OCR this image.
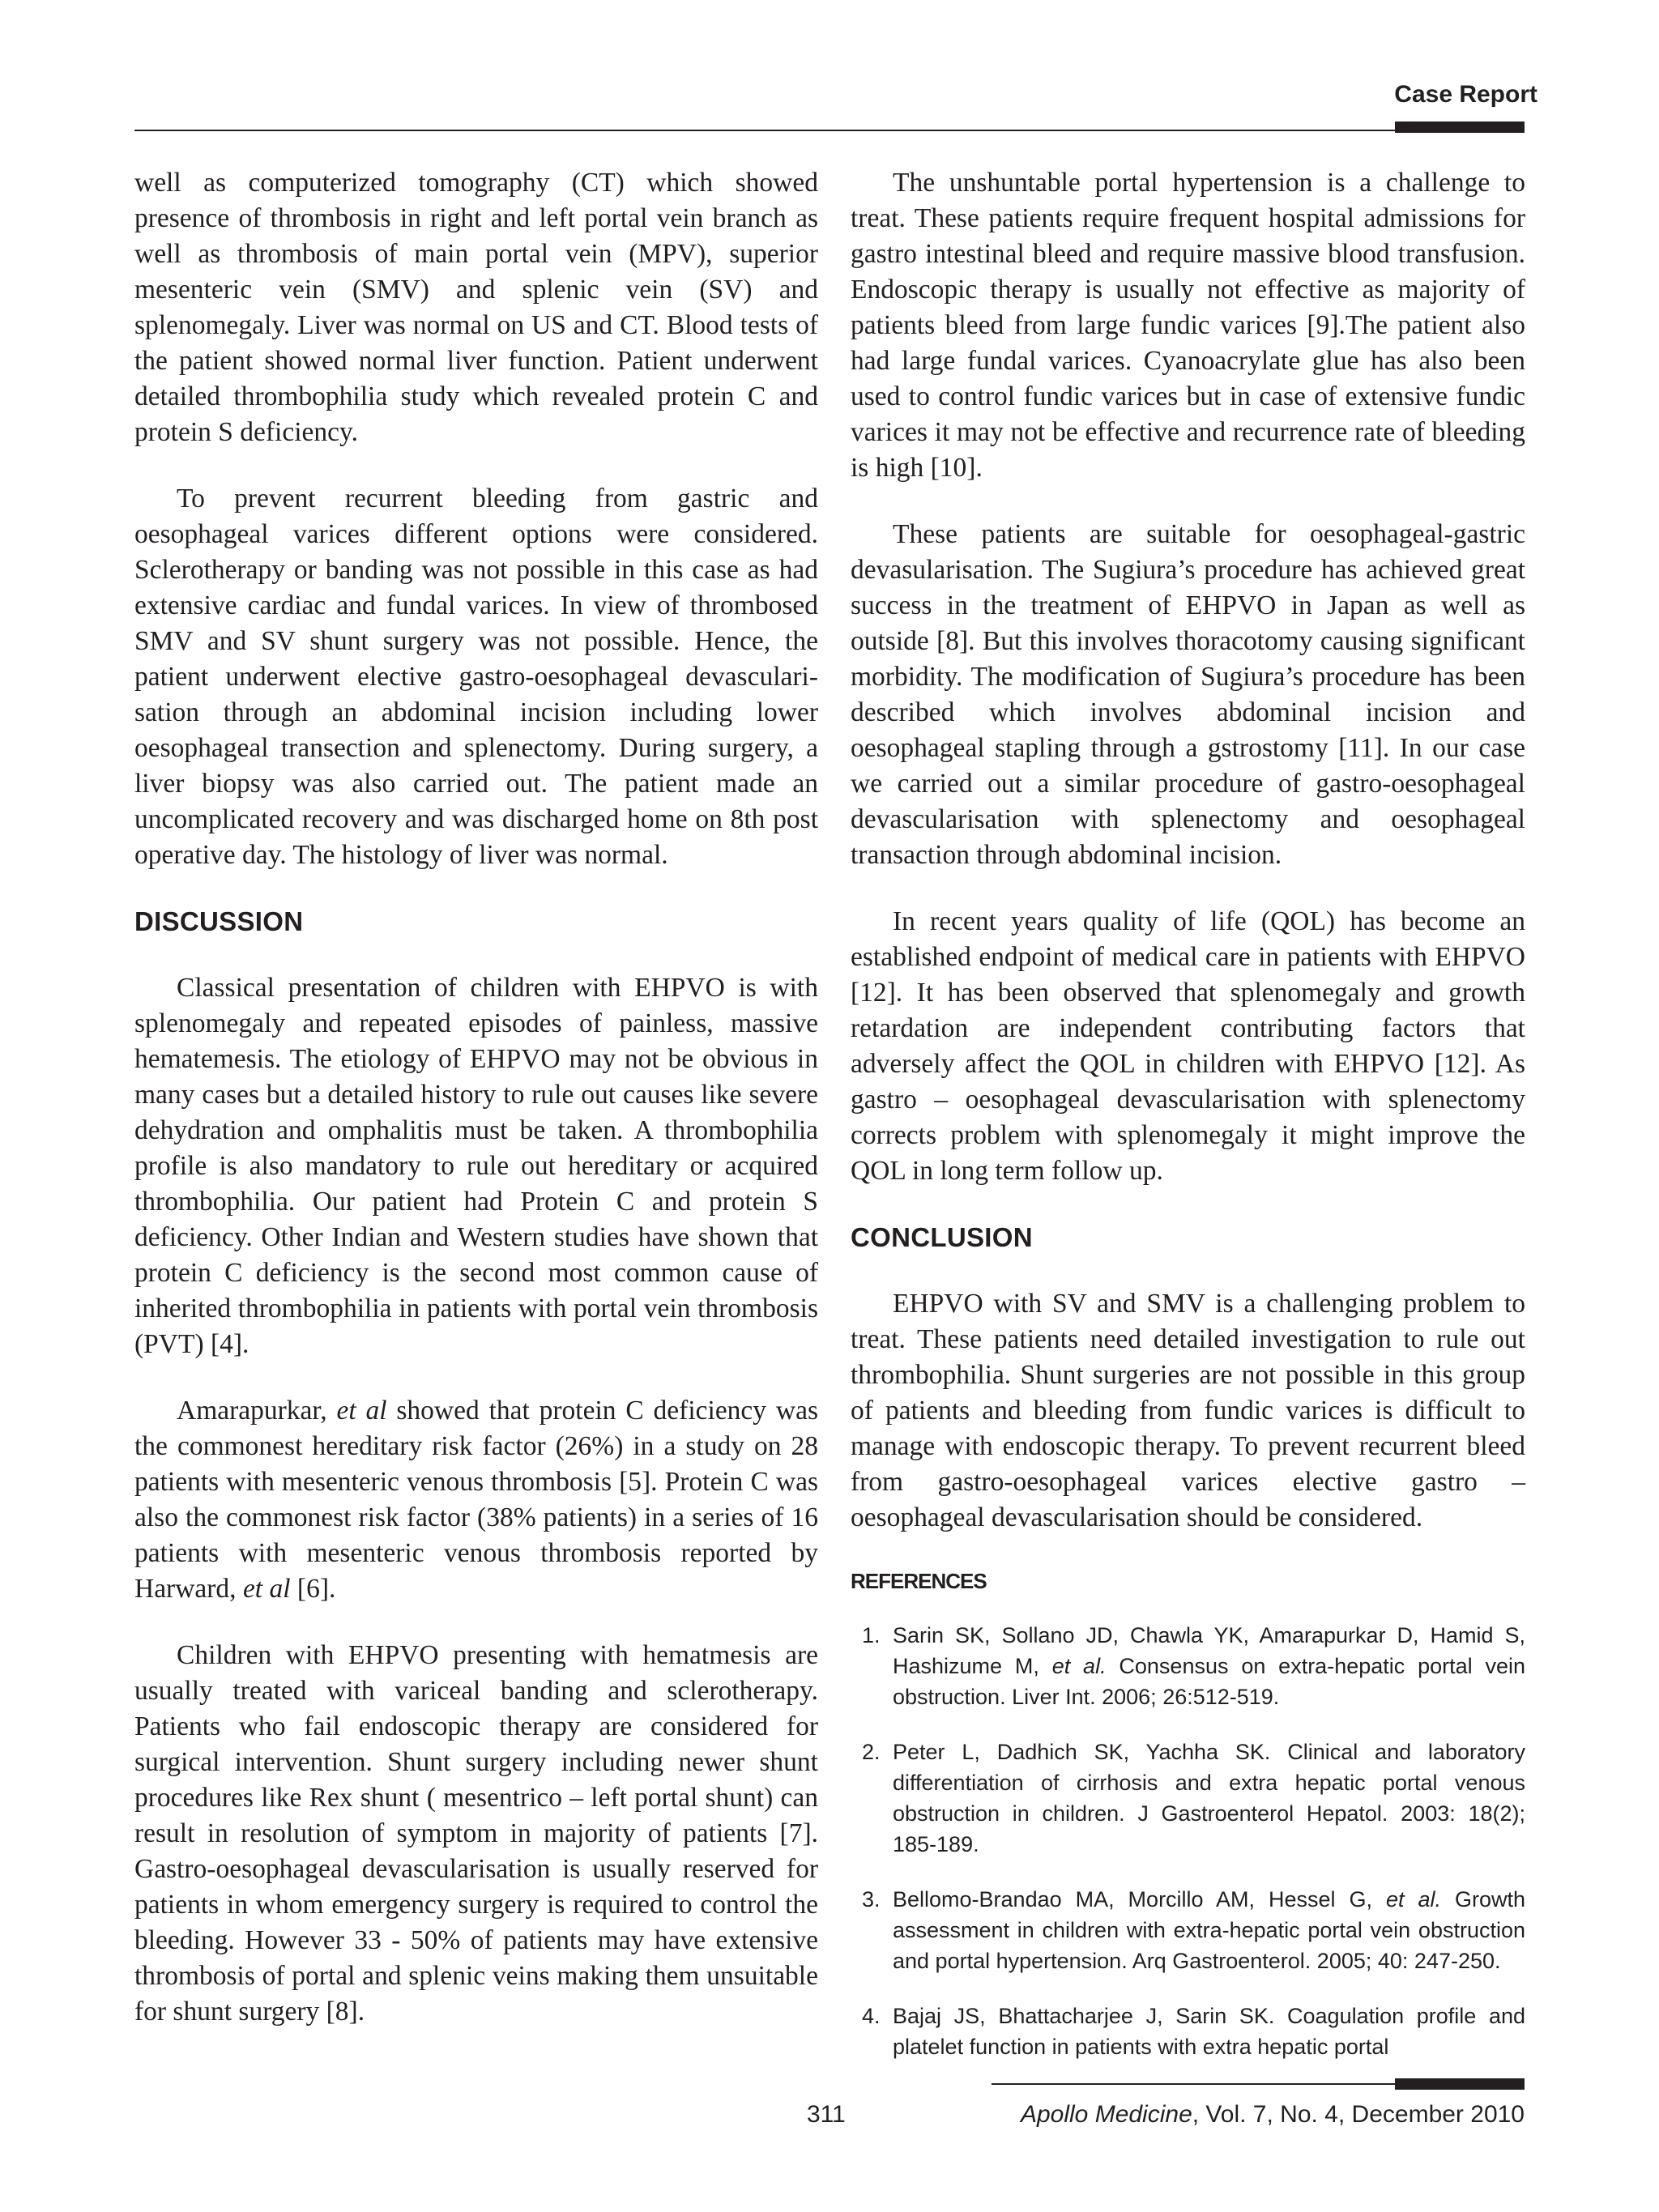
Case Report

well as computerized tomography (CT) which showed presence of thrombosis in right and left portal vein branch as well as thrombosis of main portal vein (MPV), superior mesenteric vein (SMV) and splenic vein (SV) and splenomegaly. Liver was normal on US and CT. Blood tests of the patient showed normal liver function. Patient underwent detailed thrombophilia study which revealed protein C and protein S deficiency.

To prevent recurrent bleeding from gastric and oesophageal varices different options were considered. Sclerotherapy or banding was not possible in this case as had extensive cardiac and fundal varices. In view of thrombosed SMV and SV shunt surgery was not possible. Hence, the patient underwent elective gastro-oesophageal devasculari-sation through an abdominal incision including lower oesophageal transection and splenectomy. During surgery, a liver biopsy was also carried out. The patient made an uncomplicated recovery and was discharged home on 8th post operative day. The histology of liver was normal.

DISCUSSION

Classical presentation of children with EHPVO is with splenomegaly and repeated episodes of painless, massive hematemesis. The etiology of EHPVO may not be obvious in many cases but a detailed history to rule out causes like severe dehydration and omphalitis must be taken. A thrombophilia profile is also mandatory to rule out hereditary or acquired thrombophilia. Our patient had Protein C and protein S deficiency. Other Indian and Western studies have shown that protein C deficiency is the second most common cause of inherited thrombophilia in patients with portal vein thrombosis (PVT) [4].

Amarapurkar, et al showed that protein C deficiency was the commonest hereditary risk factor (26%) in a study on 28 patients with mesenteric venous thrombosis [5]. Protein C was also the commonest risk factor (38% patients) in a series of 16 patients with mesenteric venous thrombosis reported by Harward, et al [6].

Children with EHPVO presenting with hematmesis are usually treated with variceal banding and sclerotherapy. Patients who fail endoscopic therapy are considered for surgical intervention. Shunt surgery including newer shunt procedures like Rex shunt ( mesentrico – left portal shunt) can result in resolution of symptom in majority of patients [7]. Gastro-oesophageal devascularisation is usually reserved for patients in whom emergency surgery is required to control the bleeding. However 33 - 50% of patients may have extensive thrombosis of portal and splenic veins making them unsuitable for shunt surgery [8].

The unshuntable portal hypertension is a challenge to treat. These patients require frequent hospital admissions for gastro intestinal bleed and require massive blood transfusion. Endoscopic therapy is usually not effective as majority of patients bleed from large fundic varices [9].The patient also had large fundal varices. Cyanoacrylate glue has also been used to control fundic varices but in case of extensive fundic varices it may not be effective and recurrence rate of bleeding is high [10].

These patients are suitable for oesophageal-gastric devasularisation. The Sugiura’s procedure has achieved great success in the treatment of EHPVO in Japan as well as outside [8]. But this involves thoracotomy causing significant morbidity. The modification of Sugiura’s procedure has been described which involves abdominal incision and oesophageal stapling through a gstrostomy [11]. In our case we carried out a similar procedure of gastro-oesophageal devascularisation with splenectomy and oesophageal transaction through abdominal incision.

In recent years quality of life (QOL) has become an established endpoint of medical care in patients with EHPVO [12]. It has been observed that splenomegaly and growth retardation are independent contributing factors that adversely affect the QOL in children with EHPVO [12]. As gastro – oesophageal devascularisation with splenectomy corrects problem with splenomegaly it might improve the QOL in long term follow up.

CONCLUSION

EHPVO with SV and SMV is a challenging problem to treat. These patients need detailed investigation to rule out thrombophilia. Shunt surgeries are not possible in this group of patients and bleeding from fundic varices is difficult to manage with endoscopic therapy. To prevent recurrent bleed from gastro-oesophageal varices elective gastro – oesophageal devascularisation should be considered.

REFERENCES
1. Sarin SK, Sollano JD, Chawla YK, Amarapurkar D, Hamid S, Hashizume M, et al. Consensus on extra-hepatic portal vein obstruction. Liver Int. 2006; 26:512-519.
2. Peter L, Dadhich SK, Yachha SK. Clinical and laboratory differentiation of cirrhosis and extra hepatic portal venous obstruction in children. J Gastroenterol Hepatol. 2003: 18(2); 185-189.
3. Bellomo-Brandao MA, Morcillo AM, Hessel G, et al. Growth assessment in children with extra-hepatic portal vein obstruction and portal hypertension. Arq Gastroenterol. 2005; 40: 247-250.
4. Bajaj JS, Bhattacharjee J, Sarin SK. Coagulation profile and platelet function in patients with extra hepatic portal
311	Apollo Medicine, Vol. 7, No. 4, December 2010
